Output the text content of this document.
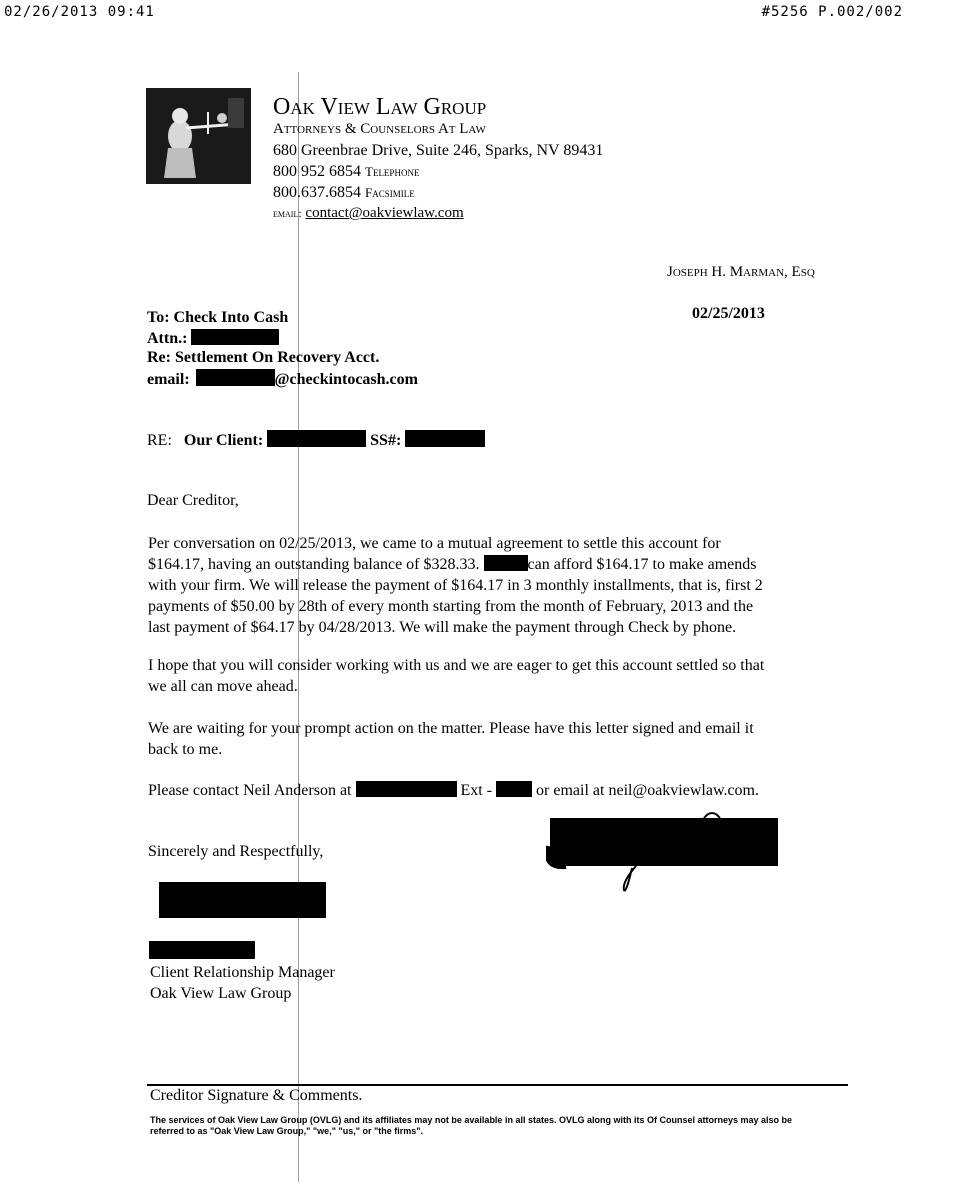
02/26/2013 09:41	#5256 P.002/002
Oak View Law Group
Attorneys & Counselors At Law
680 Greenbrae Drive, Suite 246, Sparks, NV 89431
800 952 6854 Telephone
800.637.6854 Facsimile
email: contact@oakviewlaw.com
Joseph H. Marman, Esq
02/25/2013
To: Check Into Cash
Attn.:
Re: Settlement On Recovery Acct.
email:	@checkintocash.com
RE: Our Client:	SS#:
Dear Creditor,
Per conversation on 02/25/2013, we came to a mutual agreement to settle this account for
$164.17, having an outstanding balance of $328.33.	can afford $164.17 to make amends
with your firm. We will release the payment of $164.17 in 3 monthly installments, that is, first 2
payments of $50.00 by 28th of every month starting from the month of February, 2013 and the
last payment of $64.17 by 04/28/2013. We will make the payment through Check by phone.
I hope that you will consider working with us and we are eager to get this account settled so that
we all can move ahead.
We are waiting for your prompt action on the matter. Please have this letter signed and email it
back to me.
Please contact Neil Anderson at	Ext -	or email at neil@oakviewlaw.com.
Sincerely and Respectfully,
Client Relationship Manager
Oak View Law Group
Creditor Signature & Comments.
The services of Oak View Law Group (OVLG) and its affiliates may not be available in all states. OVLG along with its Of Counsel attorneys may also be
referred to as "Oak View Law Group," "we," "us," or "the firms".
